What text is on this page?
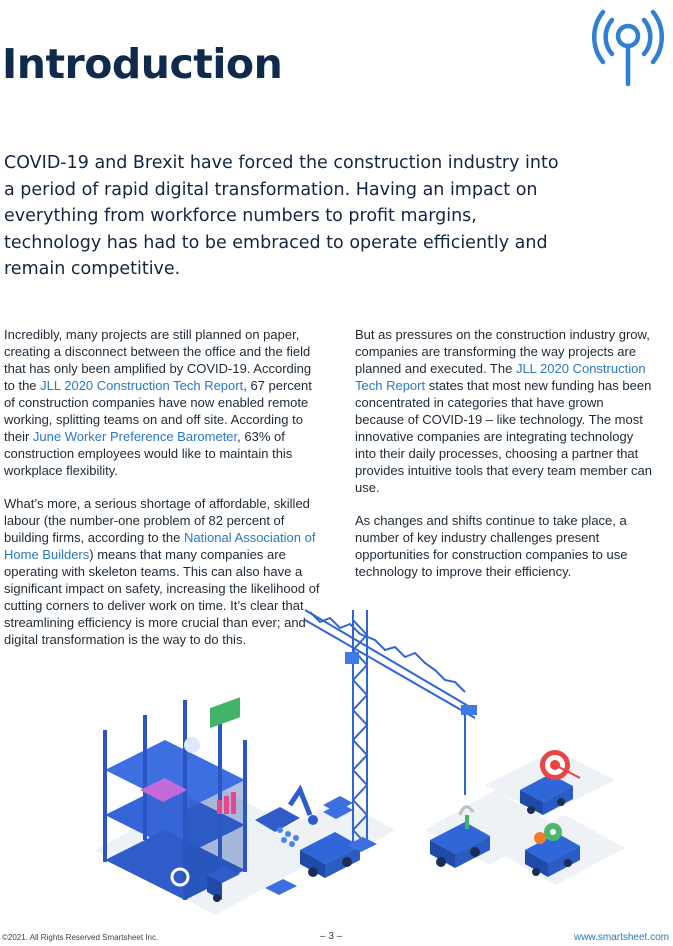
Introduction

COVID-19 and Brexit have forced the construction industry into a period of rapid digital transformation. Having an impact on everything from workforce numbers to profit margins, technology has had to be embraced to operate efficiently and remain competitive.

Incredibly, many projects are still planned on paper, creating a disconnect between the office and the field that has only been amplified by COVID-19. According to the JLL 2020 Construction Tech Report, 67 percent of construction companies have now enabled remote working, splitting teams on and off site. According to their June Worker Preference Barometer, 63% of construction employees would like to maintain this workplace flexibility.

What’s more, a serious shortage of affordable, skilled labour (the number-one problem of 82 percent of building firms, according to the National Association of Home Builders) means that many companies are operating with skeleton teams. This can also have a significant impact on safety, increasing the likelihood of cutting corners to deliver work on time. It’s clear that streamlining efficiency is more crucial than ever; and digital transformation is the way to do this.

But as pressures on the construction industry grow, companies are transforming the way projects are planned and executed. The JLL 2020 Construction Tech Report states that most new funding has been concentrated in categories that have grown because of COVID-19 – like technology. The most innovative companies are integrating technology into their daily processes, choosing a partner that provides intuitive tools that every team member can use.

As changes and shifts continue to take place, a number of key industry challenges present opportunities for construction companies to use technology to improve their efficiency.

©2021. All Rights Reserved Smartsheet Inc.	– 3 –	www.smartsheet.com
